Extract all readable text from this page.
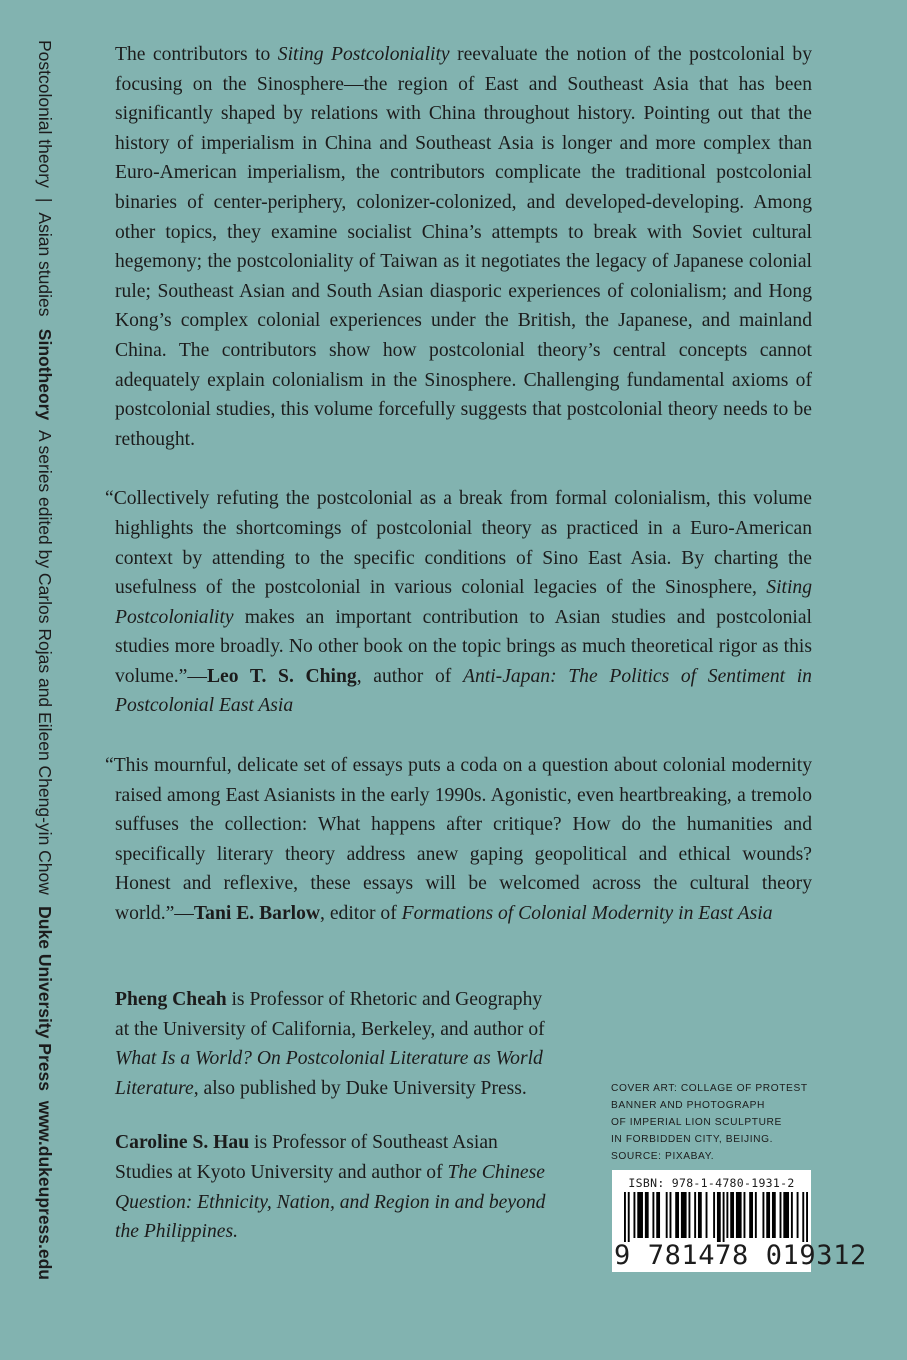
Postcolonial theory
|
Asian studies
Sinotheory

A series edited by Carlos Rojas and Eileen Cheng-yin Chow
Duke University Press

www.dukeupress.edu

The contributors to Siting Postcoloniality reevaluate the notion of the postcolonial by focusing on the Sinosphere—the region of East and Southeast Asia that has been significantly shaped by relations with China throughout history. Pointing out that the history of imperialism in China and Southeast Asia is longer and more complex than Euro-American imperialism, the contributors complicate the traditional postcolonial binaries of center-periphery, colonizer-colonized, and developed-developing. Among other topics, they examine socialist China’s attempts to break with Soviet cultural hegemony; the postcoloniality of Taiwan as it negotiates the legacy of Japanese colonial rule; Southeast Asian and South Asian diasporic experiences of colonialism; and Hong Kong’s complex colonial experiences under the British, the Japanese, and mainland China. The contributors show how postcolonial theory’s central concepts cannot adequately explain colonialism in the Sinosphere. Challenging fundamental axioms of postcolonial studies, this volume forcefully suggests that postcolonial theory needs to be rethought.

“Collectively refuting the postcolonial as a break from formal colonialism, this volume highlights the shortcomings of postcolonial theory as practiced in a Euro-American context by attending to the specific conditions of Sino East Asia. By charting the usefulness of the postcolonial in various colonial legacies of the Sinosphere, Siting Postcoloniality makes an important contribution to Asian studies and postcolonial studies more broadly. No other book on the topic brings as much theoretical rigor as this volume.”—Leo T. S. Ching, author of Anti-Japan: The Politics of Sentiment in Postcolonial East Asia

“This mournful, delicate set of essays puts a coda on a question about colonial modernity raised among East Asianists in the early 1990s. Agonistic, even heartbreaking, a tremolo suffuses the collection: What happens after critique? How do the humanities and specifically literary theory address anew gaping geopolitical and ethical wounds? Honest and reflexive, these essays will be welcomed across the cultural theory world.”—Tani E. Barlow, editor of Formations of Colonial Modernity in East Asia

Pheng Cheah is Professor of Rhetoric and Geography at the University of California, Berkeley, and author of What Is a World? On Postcolonial Literature as World Literature, also published by Duke University Press.

Caroline S. Hau is Professor of Southeast Asian Studies at Kyoto University and author of The Chinese Question: Ethnicity, Nation, and Region in and beyond the Philippines.

COVER ART: COLLAGE OF PROTEST
BANNER AND PHOTOGRAPH
OF IMPERIAL LION SCULPTURE
IN FORBIDDEN CITY, BEIJING.
SOURCE: PIXABAY.
ISBN: 978-1-4780-1931-2
9 781478 019312
